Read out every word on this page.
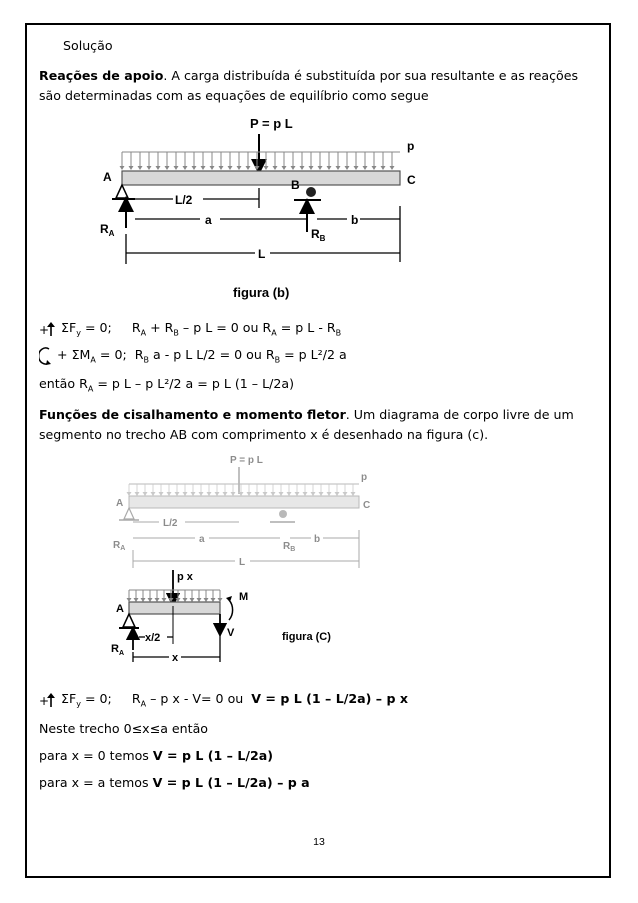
Solução
Reações de apoio. A carga distribuída é substituída por sua resultante e as reações
são determinadas com as equações de equilíbrio como segue
P = p L
p
A	C
B
$R_A$	$R_B$
L/2
a	b
L
figura (b)
+ $\Sigma F_y = 0$; $R_A + R_B - p$ L = 0 ou $R_A = p$ L - $R_B$
+ $\Sigma M_A = 0$; $R_B$ a - p L L/2 = 0 ou $R_B = p$ L²/2 a
então $R_A = p$ L – p L²/2 a = p L (1 – L/2a)
Funções de cisalhamento e momento fletor. Um diagrama de corpo livre de um
segmento no trecho AB com comprimento x é desenhado na figura (c).
P = p L
p
A	C
L/2
a	b
$R_A$	$R_B$
L
p x
A
M
V	figura (C)
x/2
x
$R_A$
+ $\Sigma F_y = 0$; $R_A$ – p x - V= 0 ou V = p L (1 – L/2a) – p x
Neste trecho 0≤x≤a então
para x = 0 temos V = p L (1 – L/2a)
para x = a temos V = p L (1 – L/2a) – p a
13
